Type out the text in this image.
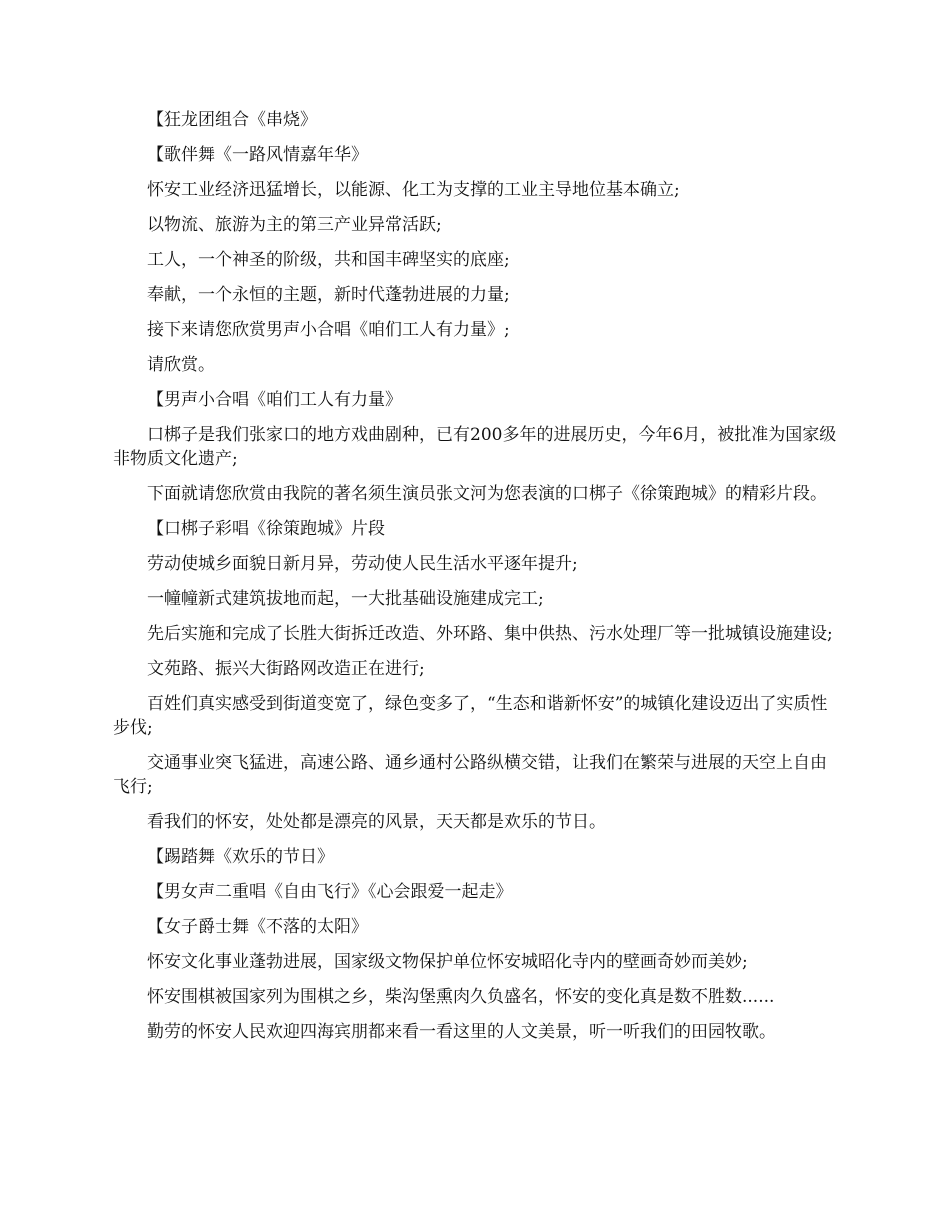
【狂龙团组合《串烧》

【歌伴舞《一路风情嘉年华》

怀安工业经济迅猛增长，以能源、化工为支撑的工业主导地位基本确立;

以物流、旅游为主的第三产业异常活跃;

工人，一个神圣的阶级，共和国丰碑坚实的底座;

奉献，一个永恒的主题，新时代蓬勃进展的力量;

接下来请您欣赏男声小合唱《咱们工人有力量》;

请欣赏。

【男声小合唱《咱们工人有力量》

口梆子是我们张家口的地方戏曲剧种，已有200多年的进展历史，今年6月，被批准为国家级非物质文化遗产;

下面就请您欣赏由我院的著名须生演员张文河为您表演的口梆子《徐策跑城》的精彩片段。

【口梆子彩唱《徐策跑城》片段

劳动使城乡面貌日新月异，劳动使人民生活水平逐年提升;

一幢幢新式建筑拔地而起，一大批基础设施建成完工;

先后实施和完成了长胜大街拆迁改造、外环路、集中供热、污水处理厂等一批城镇设施建设;

文苑路、振兴大街路网改造正在进行;

百姓们真实感受到街道变宽了，绿色变多了，“生态和谐新怀安”的城镇化建设迈出了实质性步伐;

交通事业突飞猛进，高速公路、通乡通村公路纵横交错，让我们在繁荣与进展的天空上自由飞行;

看我们的怀安，处处都是漂亮的风景，天天都是欢乐的节日。

【踢踏舞《欢乐的节日》

【男女声二重唱《自由飞行》《心会跟爱一起走》

【女子爵士舞《不落的太阳》

怀安文化事业蓬勃进展，国家级文物保护单位怀安城昭化寺内的壁画奇妙而美妙;

怀安围棋被国家列为围棋之乡，柴沟堡熏肉久负盛名，怀安的变化真是数不胜数......

勤劳的怀安人民欢迎四海宾朋都来看一看这里的人文美景，听一听我们的田园牧歌。
